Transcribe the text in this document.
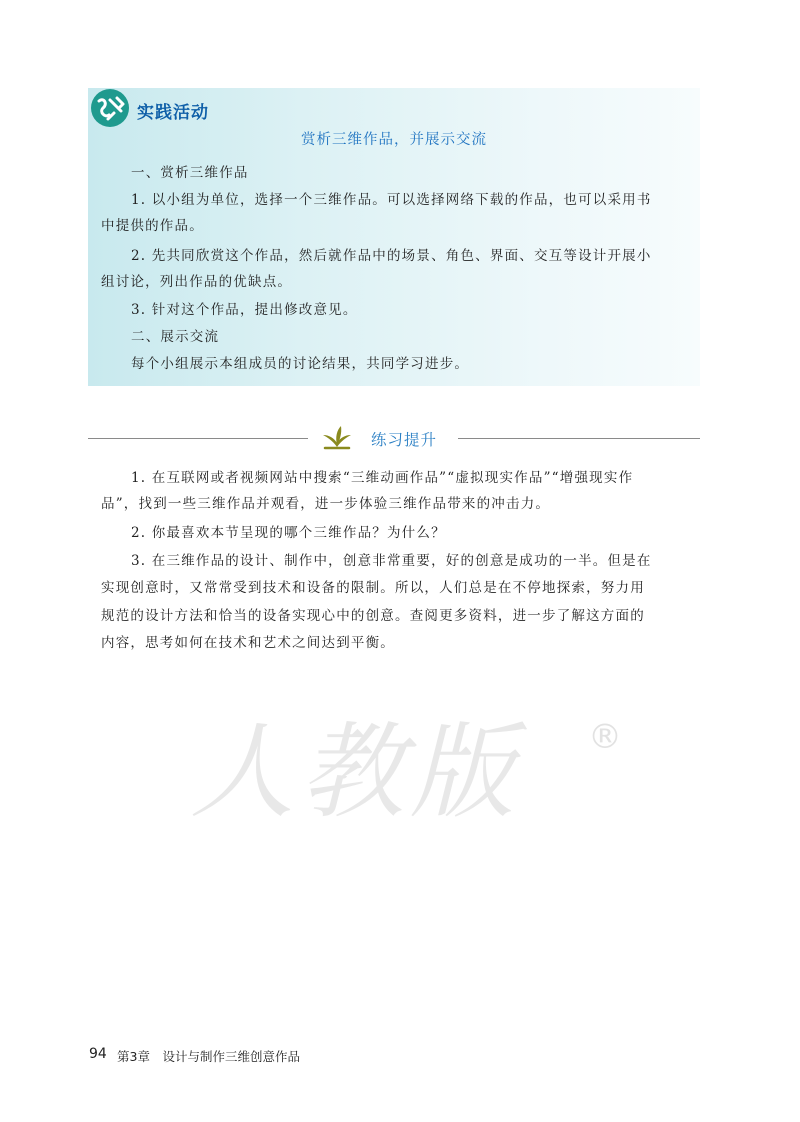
实践活动
赏析三维作品，并展示交流

一、赏析三维作品

1. 以小组为单位，选择一个三维作品。可以选择网络下载的作品，也可以采用书

中提供的作品。

2. 先共同欣赏这个作品，然后就作品中的场景、角色、界面、交互等设计开展小

组讨论，列出作品的优缺点。

3. 针对这个作品，提出修改意见。

二、展示交流

每个小组展示本组成员的讨论结果，共同学习进步。

练习提升

1. 在互联网或者视频网站中搜索“三维动画作品”“虚拟现实作品”“增强现实作

品”，找到一些三维作品并观看，进一步体验三维作品带来的冲击力。

2. 你最喜欢本节呈现的哪个三维作品？为什么？

3. 在三维作品的设计、制作中，创意非常重要，好的创意是成功的一半。但是在

实现创意时，又常常受到技术和设备的限制。所以，人们总是在不停地探索，努力用

规范的设计方法和恰当的设备实现心中的创意。查阅更多资料，进一步了解这方面的

内容，思考如何在技术和艺术之间达到平衡。

人教版 ®
94 第3章　设计与制作三维创意作品
